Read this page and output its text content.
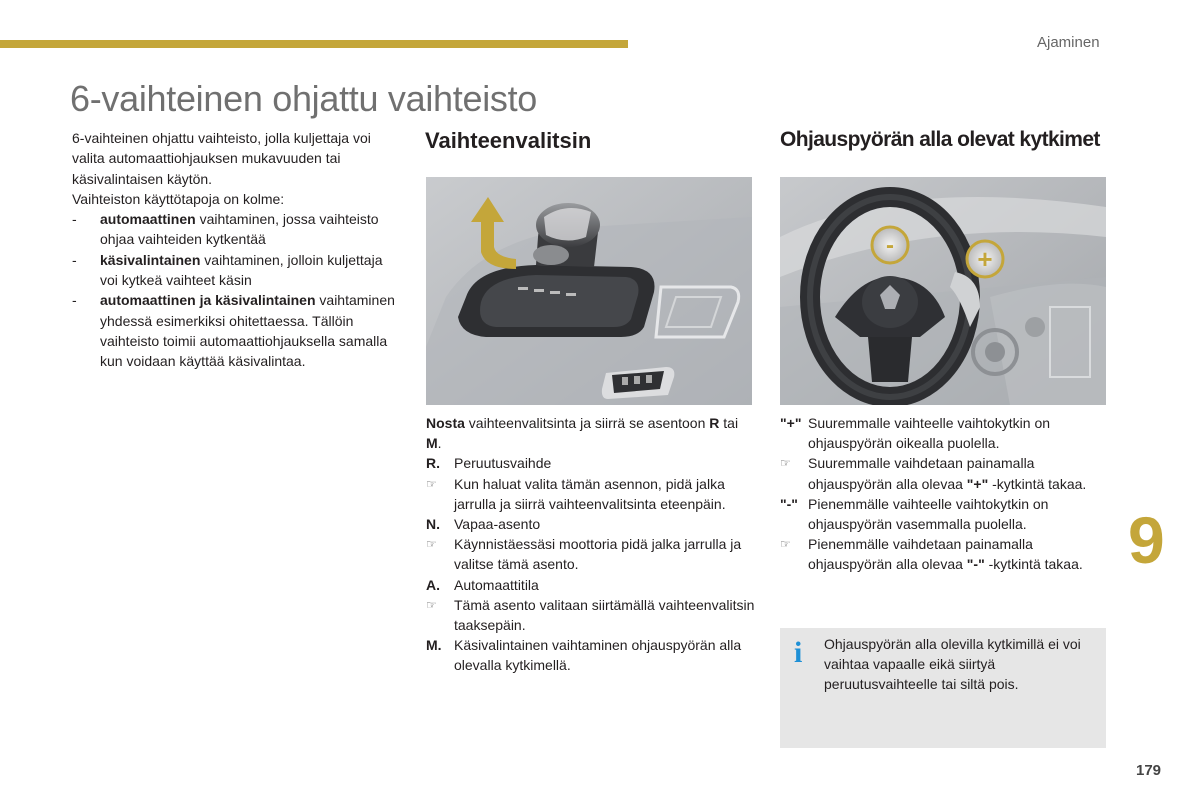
Ajaminen
6-vaihteinen ohjattu vaihteisto

6-vaihteinen ohjattu vaihteisto, jolla kuljettaja voi valita automaattiohjauksen mukavuuden tai käsivalintaisen käytön.

Vaihteiston käyttötapoja on kolme:

-	automaattinen vaihtaminen, jossa vaihteisto ohjaa vaihteiden kytkentää
-	käsivalintainen vaihtaminen, jolloin kuljettaja voi kytkeä vaihteet käsin
-	automaattinen ja käsivalintainen vaihtaminen yhdessä esimerkiksi ohitettaessa. Tällöin vaihteisto toimii automaattiohjauksella samalla kun voidaan käyttää käsivalintaa.
Vaihteenvalitsin	Ohjauspyörän alla olevat kytkimet
-	+

Nosta vaihteenvalitsinta ja siirrä se asentoon R tai M.

R.	Peruutusvaihde
☞	Kun haluat valita tämän asennon, pidä jalka jarrulla ja siirrä vaihteenvalitsinta eteenpäin.
N.	Vapaa-asento
☞	Käynnistäessäsi moottoria pidä jalka jarrulla ja valitse tämä asento.
A.	Automaattitila
☞	Tämä asento valitaan siirtämällä vaihteenvalitsin taaksepäin.
M. Käsivalintainen vaihtaminen ohjauspyörän alla olevalla kytkimellä.
"+" Suuremmalle vaihteelle vaihtokytkin on ohjauspyörän oikealla puolella.
☞	Suuremmalle vaihdetaan painamalla ohjauspyörän alla olevaa "+" -kytkintä takaa.
"-" Pienemmälle vaihteelle vaihtokytkin on ohjauspyörän vasemmalla puolella.
☞	Pienemmälle vaihdetaan painamalla ohjauspyörän alla olevaa "-" -kytkintä takaa.
i Ohjauspyörän alla olevilla kytkimillä ei voi vaihtaa vapaalle eikä siirtyä peruutusvaihteelle tai siltä pois.
9
179
